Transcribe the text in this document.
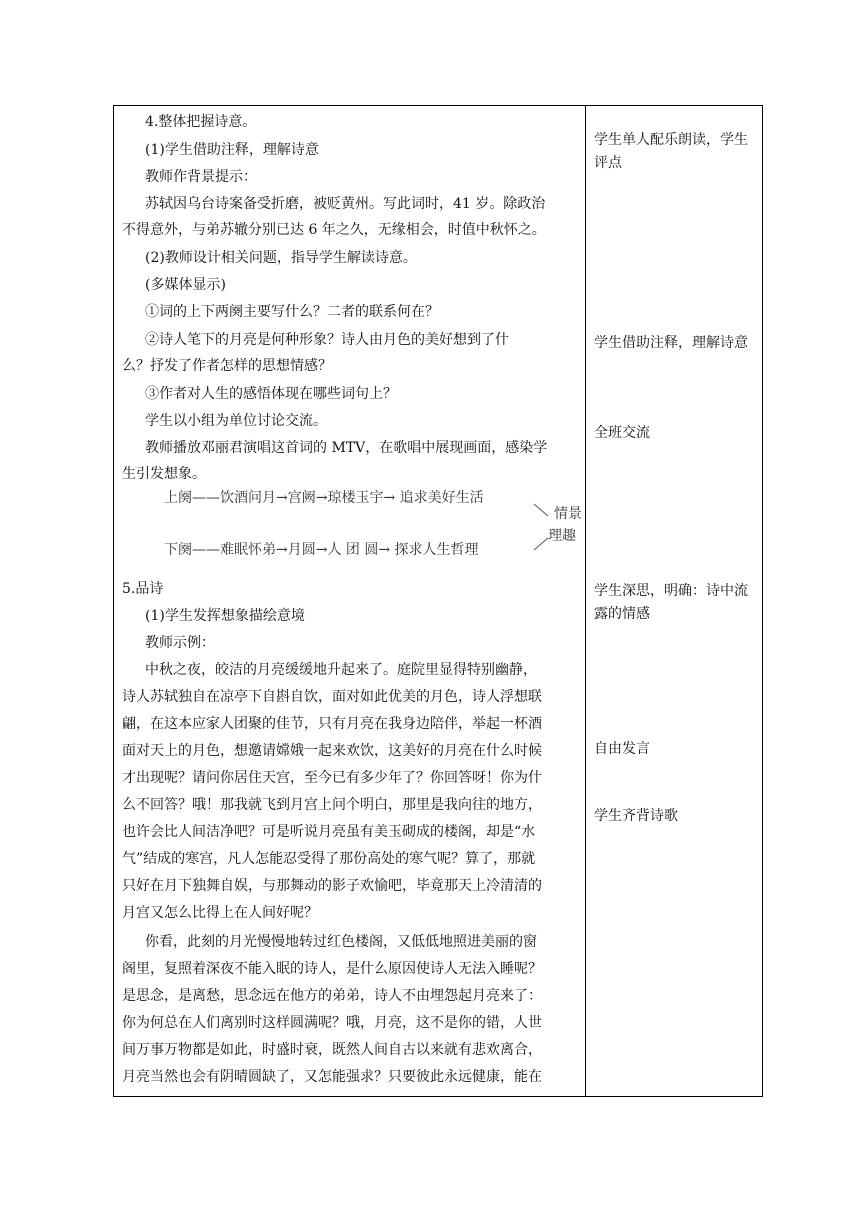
4.整体把握诗意。
(1)学生借助注释，理解诗意
教师作背景提示：
苏轼因乌台诗案备受折磨，被贬黄州。写此词时，41 岁。除政治
不得意外，与弟苏辙分别已达 6 年之久，无缘相会，时值中秋怀之。
(2)教师设计相关问题，指导学生解读诗意。
(多媒体显示)
①词的上下两阕主要写什么？二者的联系何在？
②诗人笔下的月亮是何种形象？诗人由月色的美好想到了什
么？抒发了作者怎样的思想情感？
③作者对人生的感悟体现在哪些词句上？
学生以小组为单位讨论交流。
教师播放邓丽君演唱这首词的 MTV，在歌唱中展现画面，感染学
生引发想象。
上阕——饮酒问月→宫阙→琼楼玉宇→ 追求美好生活
下阕——难眠怀弟→月圆→人 团 圆→ 探求人生哲理
情景
理趣
5.品诗
(1)学生发挥想象描绘意境
教师示例：
中秋之夜，皎洁的月亮缓缓地升起来了。庭院里显得特别幽静，
诗人苏轼独自在凉亭下自斟自饮，面对如此优美的月色，诗人浮想联
翩，在这本应家人团聚的佳节，只有月亮在我身边陪伴，举起一杯酒
面对天上的月色，想邀请嫦娥一起来欢饮，这美好的月亮在什么时候
才出现呢？请问你居住天宫，至今已有多少年了？你回答呀！你为什
么不回答？哦！那我就飞到月宫上问个明白，那里是我向往的地方，
也许会比人间洁净吧？可是听说月亮虽有美玉砌成的楼阁，却是“水
气”结成的寒宫，凡人怎能忍受得了那份高处的寒气呢？算了，那就
只好在月下独舞自娱，与那舞动的影子欢愉吧，毕竟那天上冷清清的
月宫又怎么比得上在人间好呢？
你看，此刻的月光慢慢地转过红色楼阁，又低低地照进美丽的窗
阁里，复照着深夜不能入眠的诗人，是什么原因使诗人无法入睡呢？
是思念，是离愁，思念远在他方的弟弟，诗人不由埋怨起月亮来了：
你为何总在人们离别时这样圆满呢？哦，月亮，这不是你的错，人世
间万事万物都是如此，时盛时衰，既然人间自古以来就有悲欢离合，
月亮当然也会有阴晴圆缺了，又怎能强求？只要彼此永远健康，能在
学生单人配乐朗读，学生
评点
学生借助注释，理解诗意
全班交流
学生深思，明确：诗中流
露的情感
自由发言
学生齐背诗歌
